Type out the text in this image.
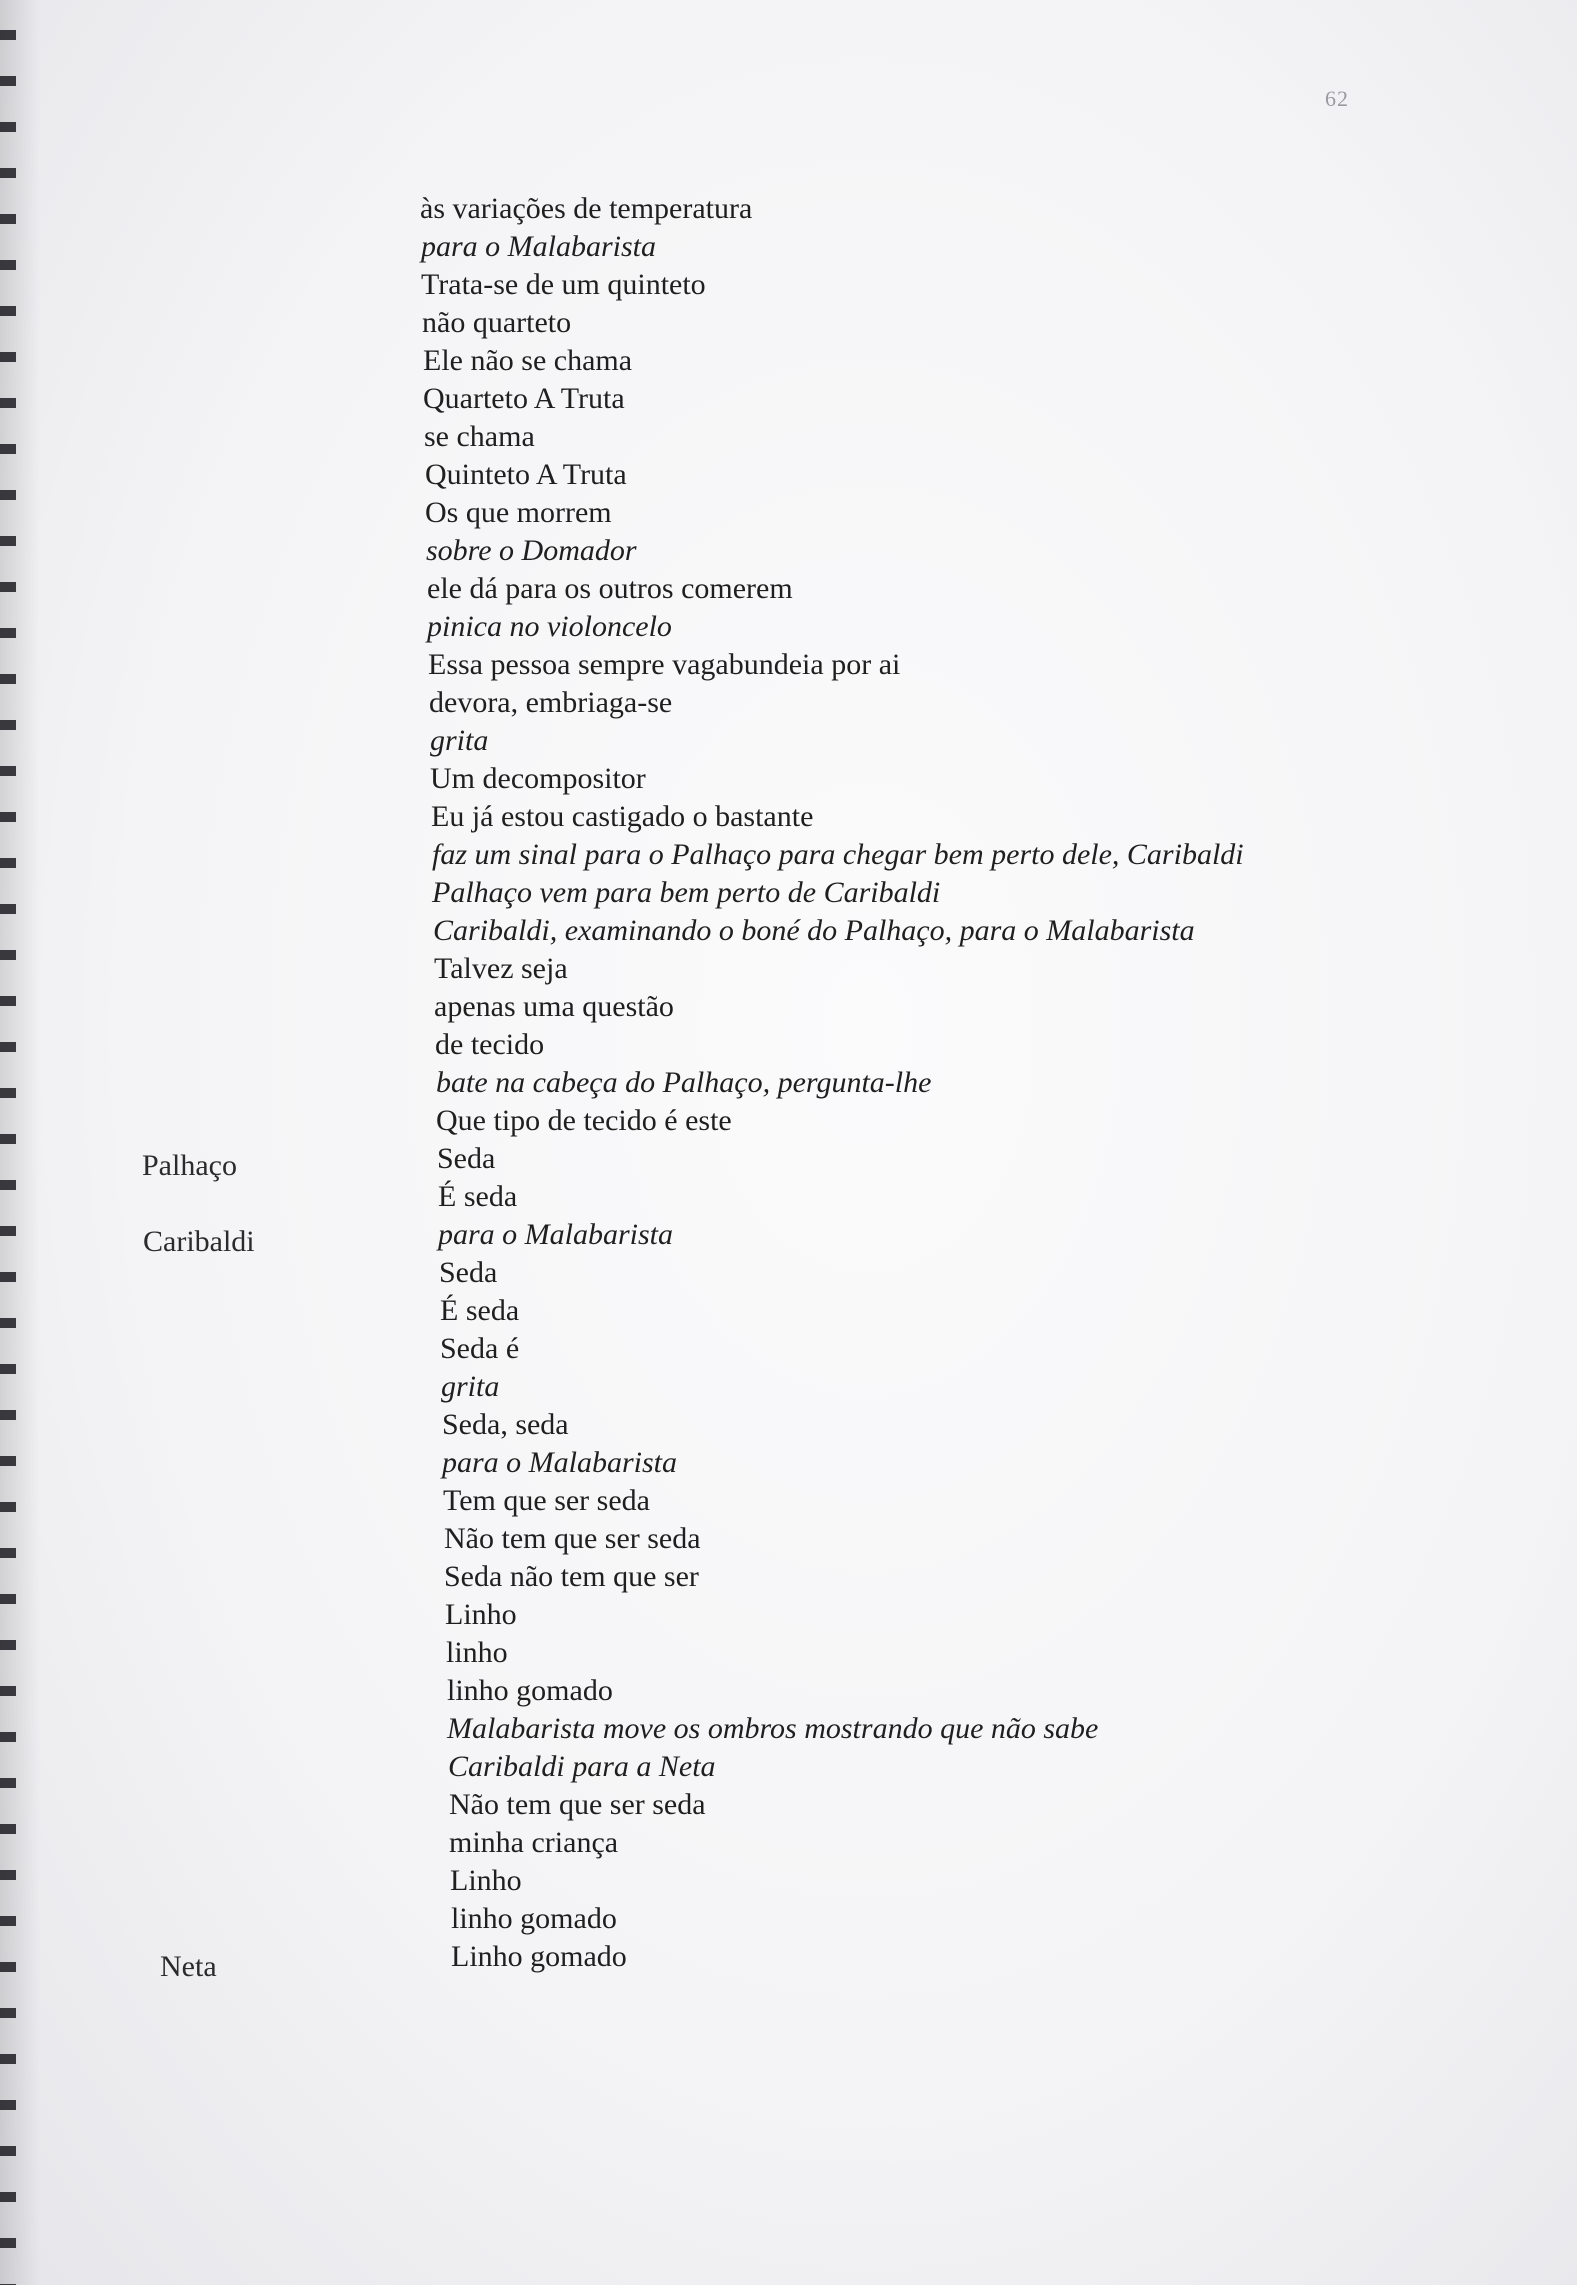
62
Palhaço
Caribaldi
Neta
às variações de temperatura
para o Malabarista
Trata-se de um quinteto
não quarteto
Ele não se chama
Quarteto A Truta
se chama
Quinteto A Truta
Os que morrem
sobre o Domador
ele dá para os outros comerem
pinica no violoncelo
Essa pessoa sempre vagabundeia por ai
devora, embriaga-se
grita
Um decompositor
Eu já estou castigado o bastante
faz um sinal para o Palhaço para chegar bem perto dele, Caribaldi
Palhaço vem para bem perto de Caribaldi
Caribaldi, examinando o boné do Palhaço, para o Malabarista
Talvez seja
apenas uma questão
de tecido
bate na cabeça do Palhaço, pergunta-lhe
Que tipo de tecido é este
Seda
É seda
para o Malabarista
Seda
É seda
Seda é
grita
Seda, seda
para o Malabarista
Tem que ser seda
Não tem que ser seda
Seda não tem que ser
Linho
linho
linho gomado
Malabarista move os ombros mostrando que não sabe
Caribaldi para a Neta
Não tem que ser seda
minha criança
Linho
linho gomado
Linho gomado
